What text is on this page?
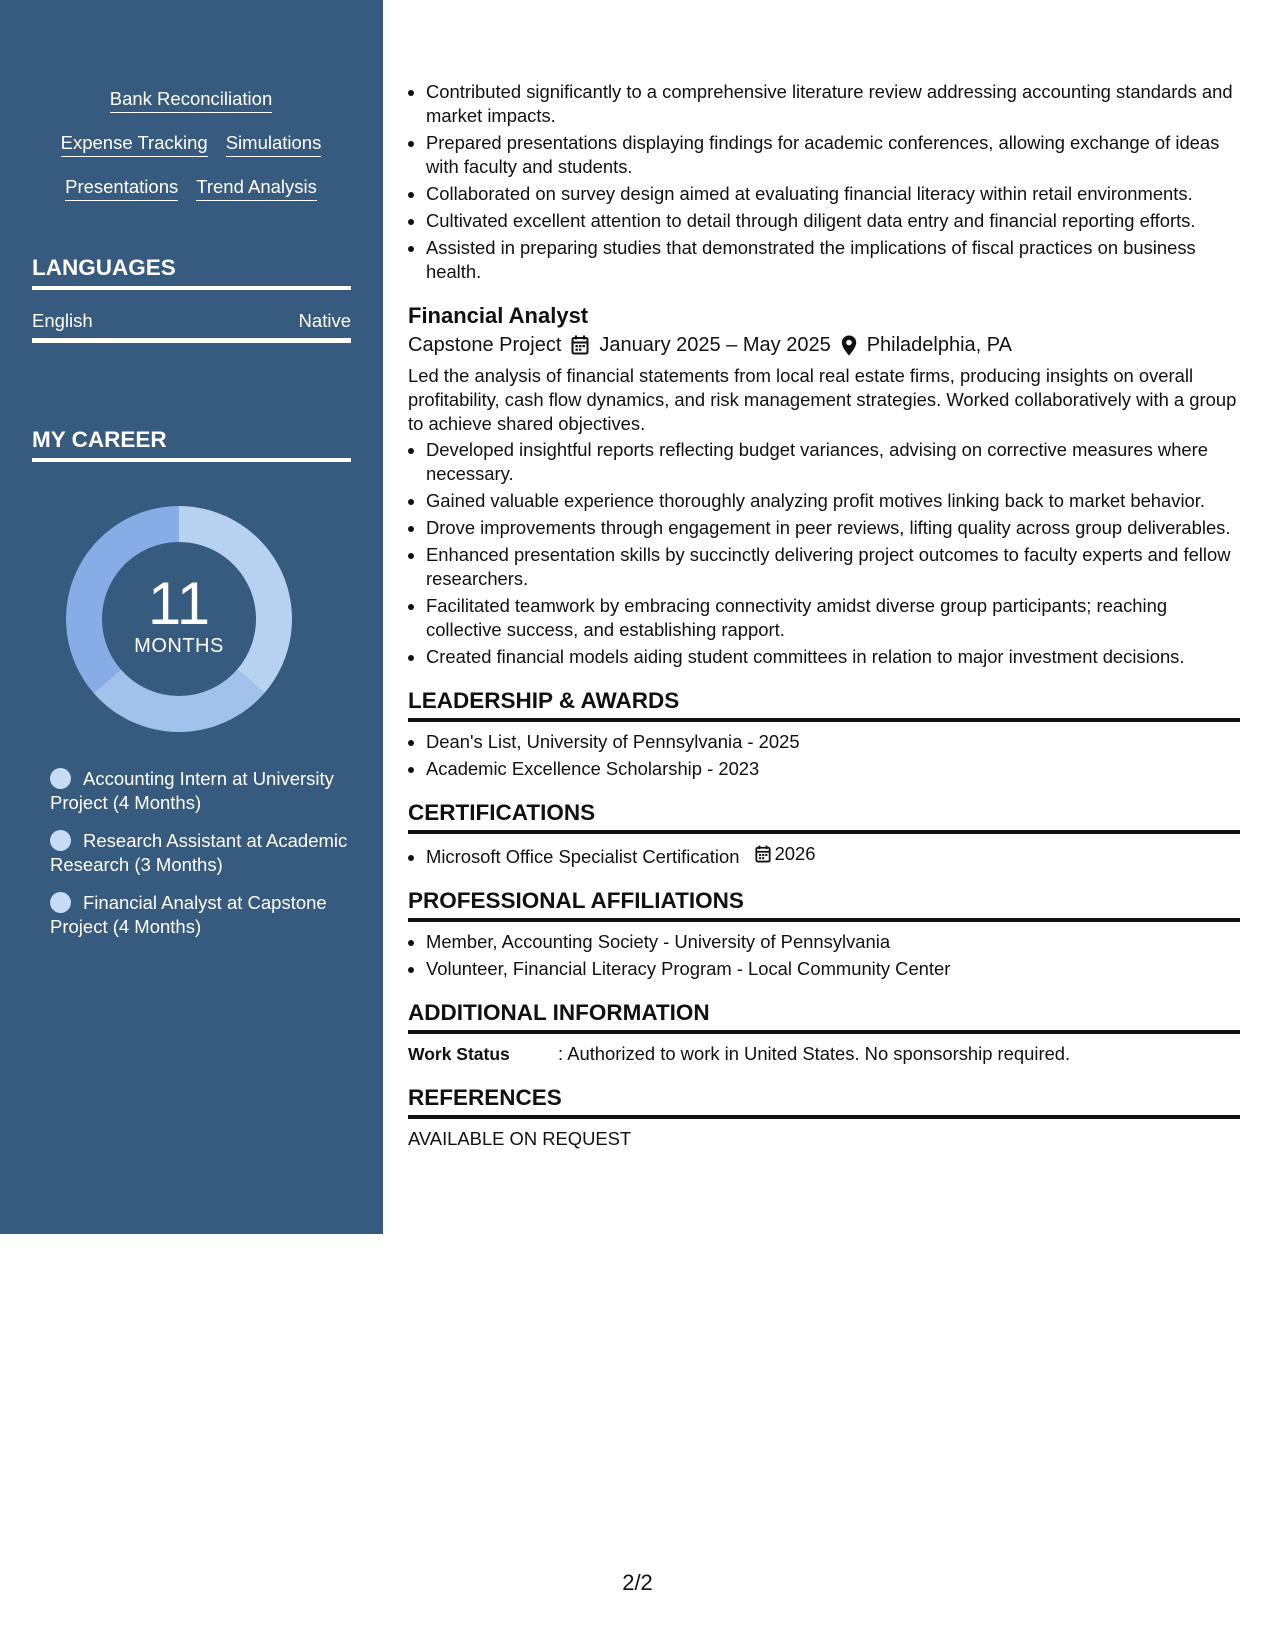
Bank Reconciliation
Expense Tracking Simulations
Presentations Trend Analysis
LANGUAGES
English	Native
MY CAREER
11
MONTHS
Accounting Intern at University Project (4 Months)
Research Assistant at Academic Research (3 Months)
Financial Analyst at Capstone Project (4 Months)
• Contributed significantly to a comprehensive literature review addressing accounting standards and market impacts.
• Prepared presentations displaying findings for academic conferences, allowing exchange of ideas with faculty and students.
• Collaborated on survey design aimed at evaluating financial literacy within retail environments.
• Cultivated excellent attention to detail through diligent data entry and financial reporting efforts.
• Assisted in preparing studies that demonstrated the implications of fiscal practices on business health.
Financial Analyst
Capstone Project January 2025 – May 2025 Philadelphia, PA
Led the analysis of financial statements from local real estate firms, producing insights on overall profitability, cash flow dynamics, and risk management strategies. Worked collaboratively with a group to achieve shared objectives.
• Developed insightful reports reflecting budget variances, advising on corrective measures where necessary.
• Gained valuable experience thoroughly analyzing profit motives linking back to market behavior.
• Drove improvements through engagement in peer reviews, lifting quality across group deliverables.
• Enhanced presentation skills by succinctly delivering project outcomes to faculty experts and fellow researchers.
• Facilitated teamwork by embracing connectivity amidst diverse group participants; reaching collective success, and establishing rapport.
• Created financial models aiding student committees in relation to major investment decisions.
LEADERSHIP & AWARDS
• Dean's List, University of Pennsylvania - 2025
• Academic Excellence Scholarship - 2023
CERTIFICATIONS
• Microsoft Office Specialist Certification 2026
PROFESSIONAL AFFILIATIONS
• Member, Accounting Society - University of Pennsylvania
• Volunteer, Financial Literacy Program - Local Community Center
ADDITIONAL INFORMATION
Work Status	: Authorized to work in United States. No sponsorship required.
REFERENCES
AVAILABLE ON REQUEST
2/2
